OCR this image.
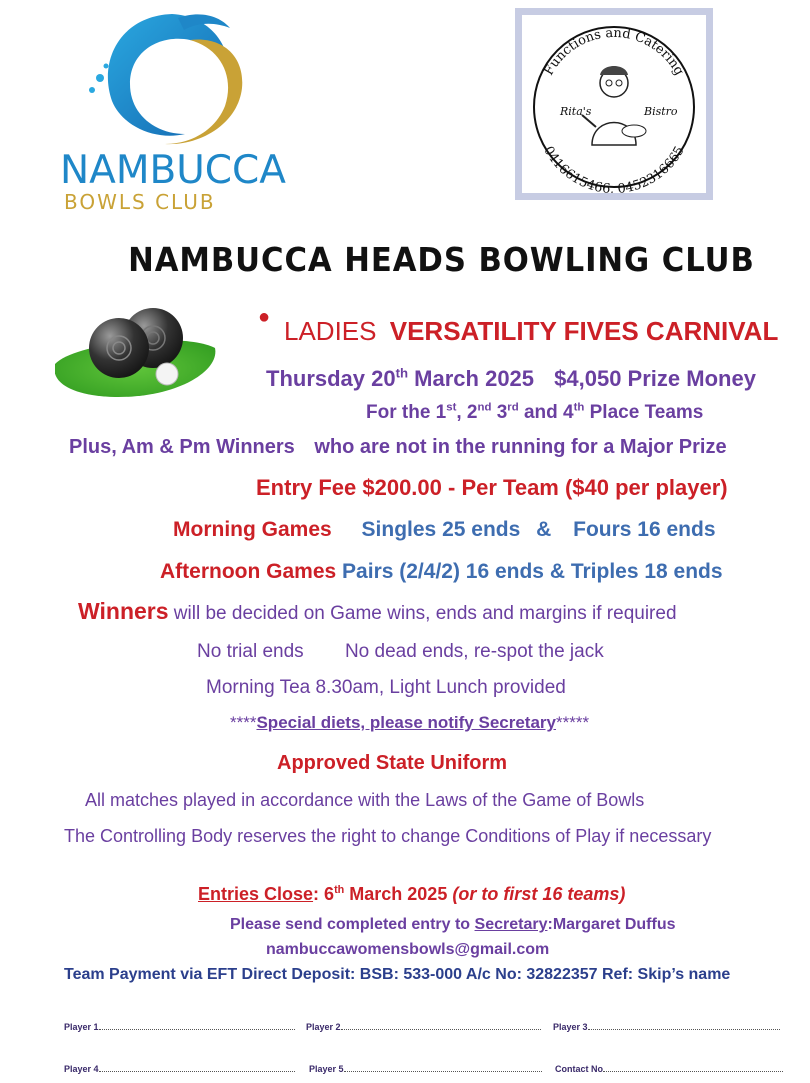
NAMBUCCA
BOWLS CLUB
Functions and Catering
0416615466, 0452316665
Rita's	Bistro
NAMBUCCA HEADS BOWLING CLUB
● LADIES VERSATILITY FIVES CARNIVAL
Thursday 20th March 2025 $4,050 Prize Money
For the 1st, 2nd 3rd and 4th Place Teams
Plus, Am & Pm Winners who are not in the running for a Major Prize
Entry Fee $200.00 - Per Team ($40 per player)
Morning Games Singles 25 ends & Fours 16 ends
Afternoon Games Pairs (2/4/2) 16 ends & Triples 18 ends
Winners will be decided on Game wins, ends and margins if required
No trial ends No dead ends, re-spot the jack
Morning Tea 8.30am, Light Lunch provided
****Special diets, please notify Secretary*****
Approved State Uniform
All matches played in accordance with the Laws of the Game of Bowls
The Controlling Body reserves the right to change Conditions of Play if necessary
Entries Close: 6th March 2025 (or to first 16 teams)
Please send completed entry to Secretary:Margaret Duffus
nambuccawomensbowls@gmail.com
Team Payment via EFT Direct Deposit: BSB: 533-000 A/c No: 32822357 Ref: Skip’s name
Player 1	Player 2	Player 3
Player 4	Player 5	Contact No
